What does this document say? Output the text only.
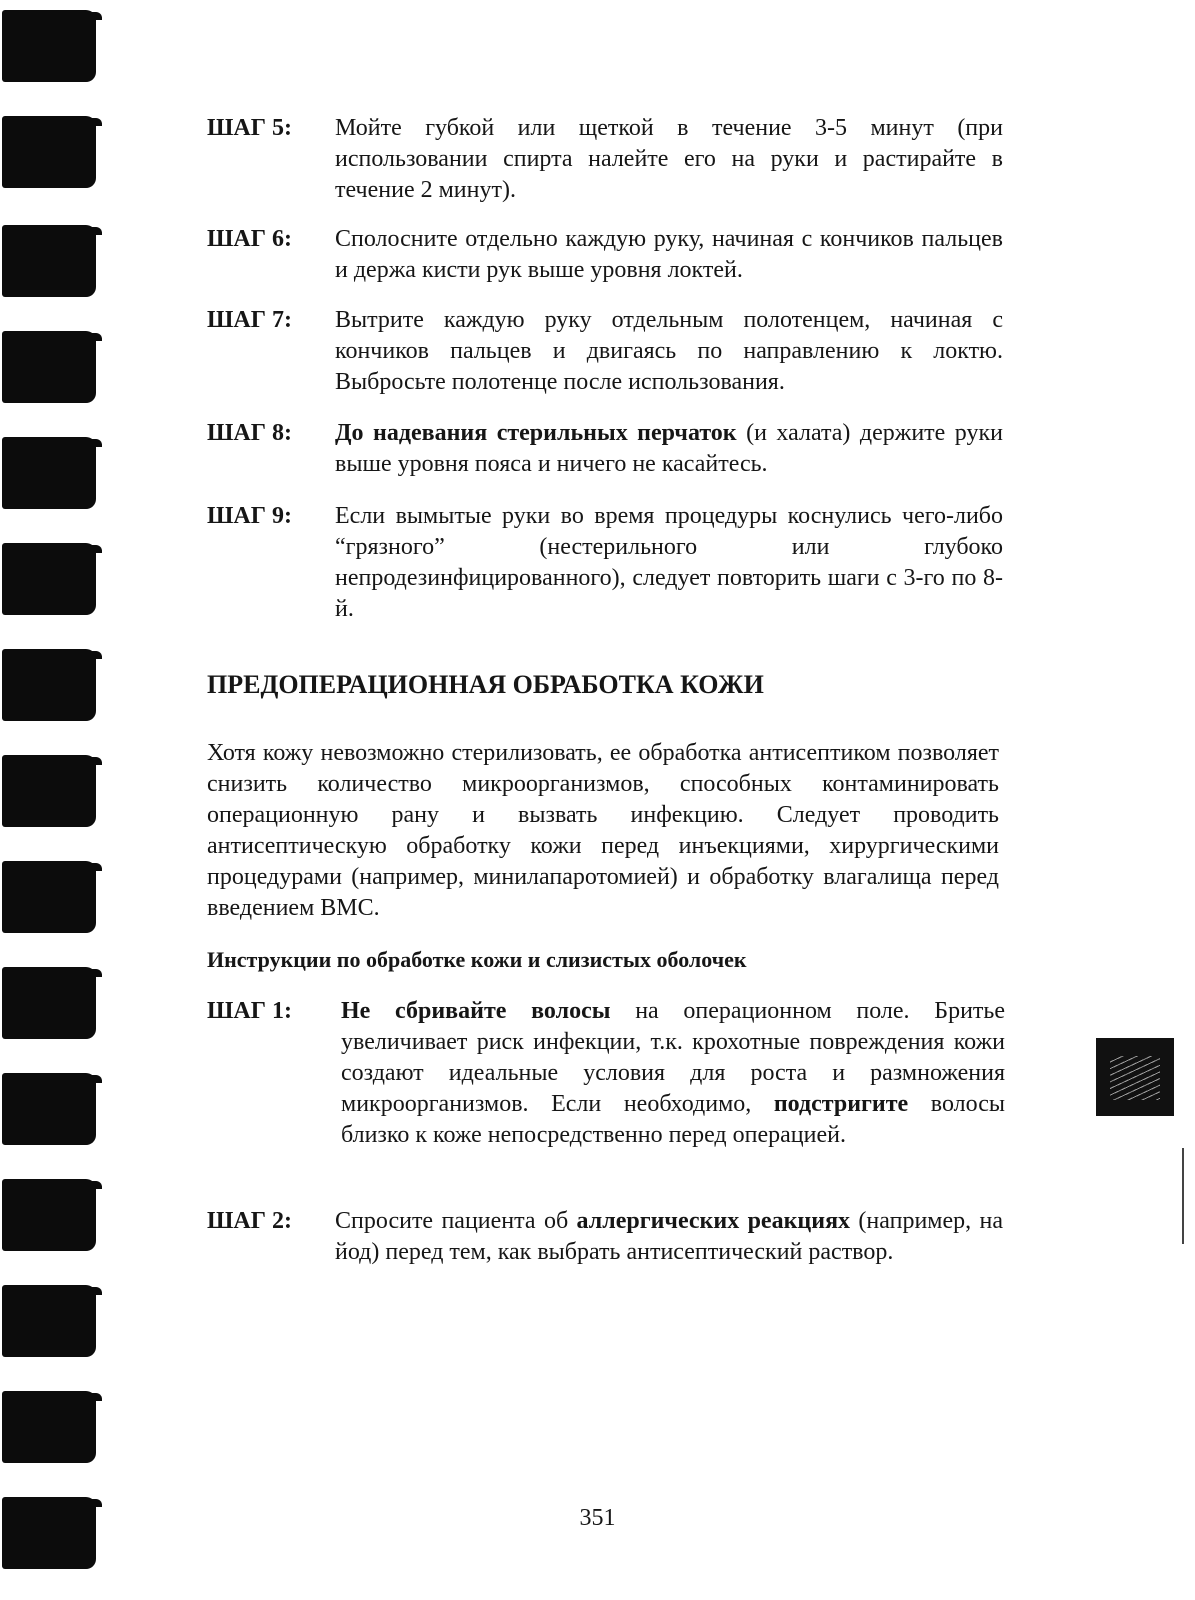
ШАГ 5: Мойте губкой или щеткой в течение 3-5 минут (при использовании спирта налейте его на руки и растирайте в течение 2 минут).
ШАГ 6: Сполосните отдельно каждую руку, начиная с кончиков пальцев и держа кисти рук выше уровня локтей.
ШАГ 7: Вытрите каждую руку отдельным полотенцем, начиная с кончиков пальцев и двигаясь по направлению к локтю. Выбросьте полотенце после использования.
ШАГ 8: До надевания стерильных перчаток (и халата) держите руки выше уровня пояса и ничего не касайтесь.
ШАГ 9: Если вымытые руки во время процедуры коснулись чего-либо “грязного” (нестерильного или глубоко непродезинфицированного), следует повторить шаги с 3-го по 8-й.
ПРЕДОПЕРАЦИОННАЯ ОБРАБОТКА КОЖИ
Хотя кожу невозможно стерилизовать, ее обработка антисептиком позволяет снизить количество микроорганизмов, способных контаминировать операционную рану и вызвать инфекцию. Следует проводить антисептическую обработку кожи перед инъекциями, хирургическими процедурами (например, минилапаротомией) и обработку влагалища перед введением ВМС.
Инструкции по обработке кожи и слизистых оболочек
ШАГ 1: Не сбривайте волосы на операционном поле. Бритье увеличивает риск инфекции, т.к. крохотные повреждения кожи создают идеальные условия для роста и размножения микроорганизмов. Если необходимо, подстригите волосы близко к коже непосредственно перед операцией.
ШАГ 2: Спросите пациента об аллергических реакциях (например, на йод) перед тем, как выбрать антисептический раствор.
351
